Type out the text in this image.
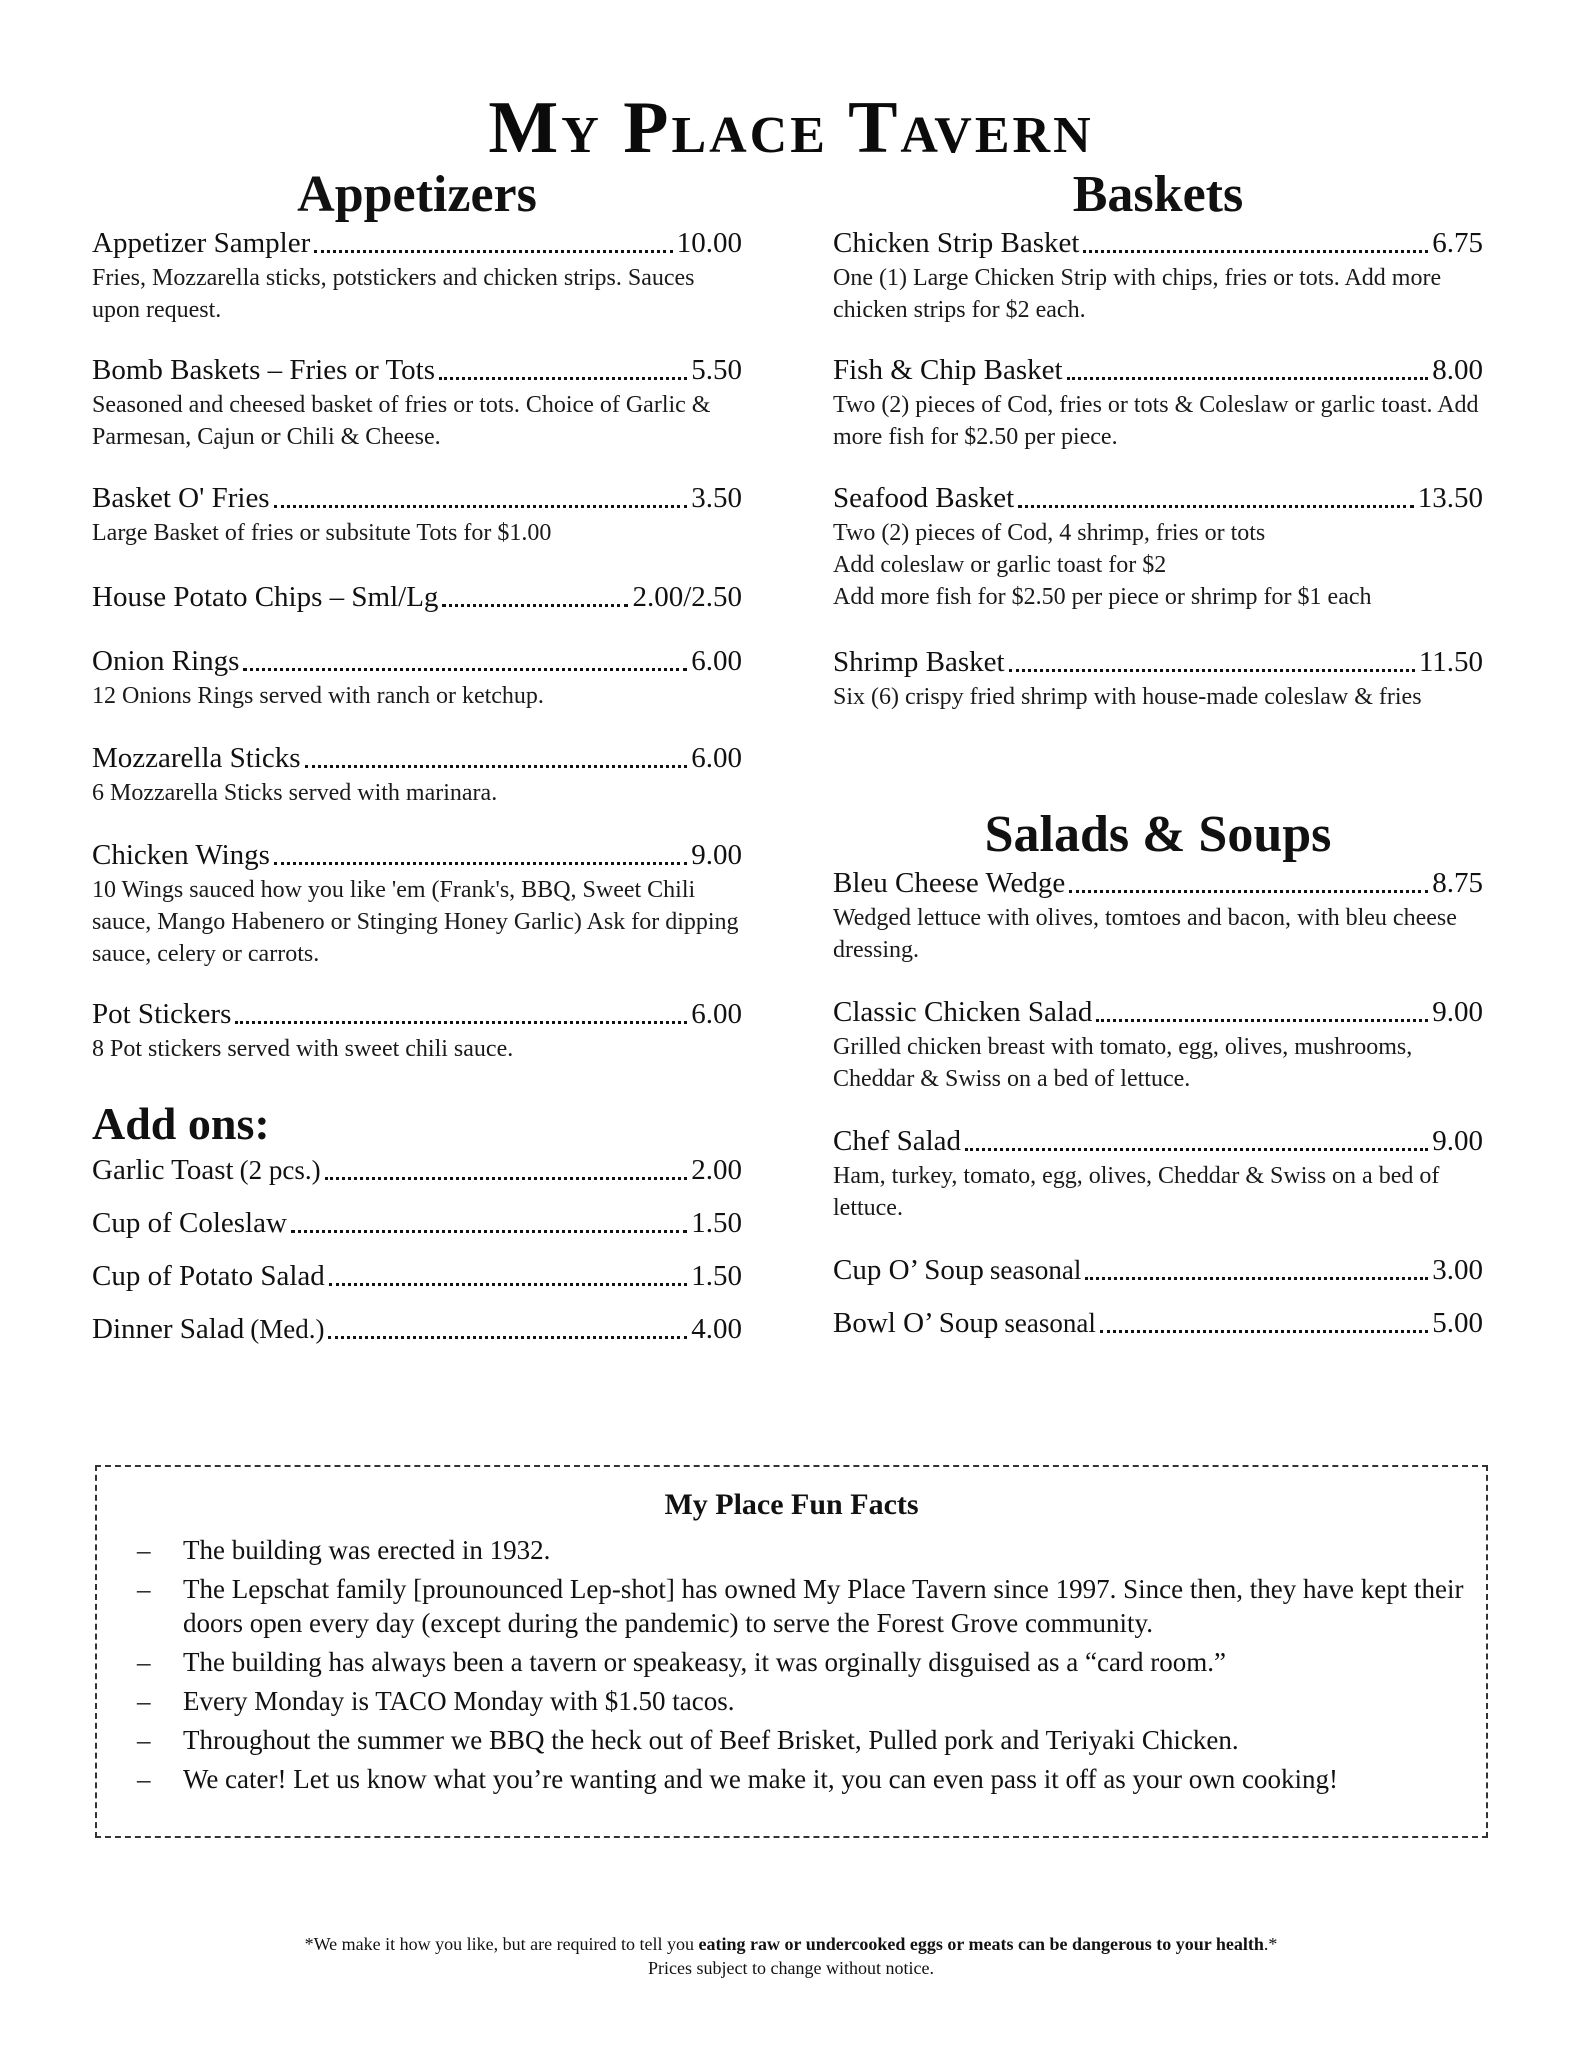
My Place Tavern
Appetizers
Appetizer Sampler	10.00
Fries, Mozzarella sticks, potstickers and chicken strips. Sauces upon request.
Bomb Baskets – Fries or Tots	5.50
Seasoned and cheesed basket of fries or tots. Choice of Garlic & Parmesan, Cajun or Chili & Cheese.
Basket O' Fries	3.50
Large Basket of fries or subsitute Tots for $1.00
House Potato Chips – Sml/Lg	2.00/2.50
Onion Rings	6.00
12 Onions Rings served with ranch or ketchup.
Mozzarella Sticks	6.00
6 Mozzarella Sticks served with marinara.
Chicken Wings	9.00
10 Wings sauced how you like 'em (Frank's, BBQ, Sweet Chili sauce, Mango Habenero or Stinging Honey Garlic) Ask for dipping sauce, celery or carrots.
Pot Stickers	6.00
8 Pot stickers served with sweet chili sauce.
Add ons:
Garlic Toast (2 pcs.)	2.00
Cup of Coleslaw	1.50
Cup of Potato Salad	1.50
Dinner Salad (Med.)	4.00
Baskets
Chicken Strip Basket	6.75
One (1) Large Chicken Strip with chips, fries or tots. Add more chicken strips for $2 each.
Fish & Chip Basket	8.00
Two (2) pieces of Cod, fries or tots & Coleslaw or garlic toast. Add more fish for $2.50 per piece.
Seafood Basket	13.50
Two (2) pieces of Cod, 4 shrimp, fries or tots
Add coleslaw or garlic toast for $2
Add more fish for $2.50 per piece or shrimp for $1 each
Shrimp Basket	11.50
Six (6) crispy fried shrimp with house-made coleslaw & fries
Salads & Soups
Bleu Cheese Wedge	8.75
Wedged lettuce with olives, tomtoes and bacon, with bleu cheese dressing.
Classic Chicken Salad	9.00
Grilled chicken breast with tomato, egg, olives, mushrooms, Cheddar & Swiss on a bed of lettuce.
Chef Salad	9.00
Ham, turkey, tomato, egg, olives, Cheddar & Swiss on a bed of lettuce.
Cup O’ Soup seasonal	3.00
Bowl O’ Soup seasonal	5.00
My Place Fun Facts
– The building was erected in 1932.
– The Lepschat family [prounounced Lep-shot] has owned My Place Tavern since 1997. Since then, they have kept their doors open every day (except during the pandemic) to serve the Forest Grove community.
– The building has always been a tavern or speakeasy, it was orginally disguised as a “card room.”
– Every Monday is TACO Monday with $1.50 tacos.
– Throughout the summer we BBQ the heck out of Beef Brisket, Pulled pork and Teriyaki Chicken.
– We cater! Let us know what you’re wanting and we make it, you can even pass it off as your own cooking!
*We make it how you like, but are required to tell you eating raw or undercooked eggs or meats can be dangerous to your health.*
Prices subject to change without notice.
